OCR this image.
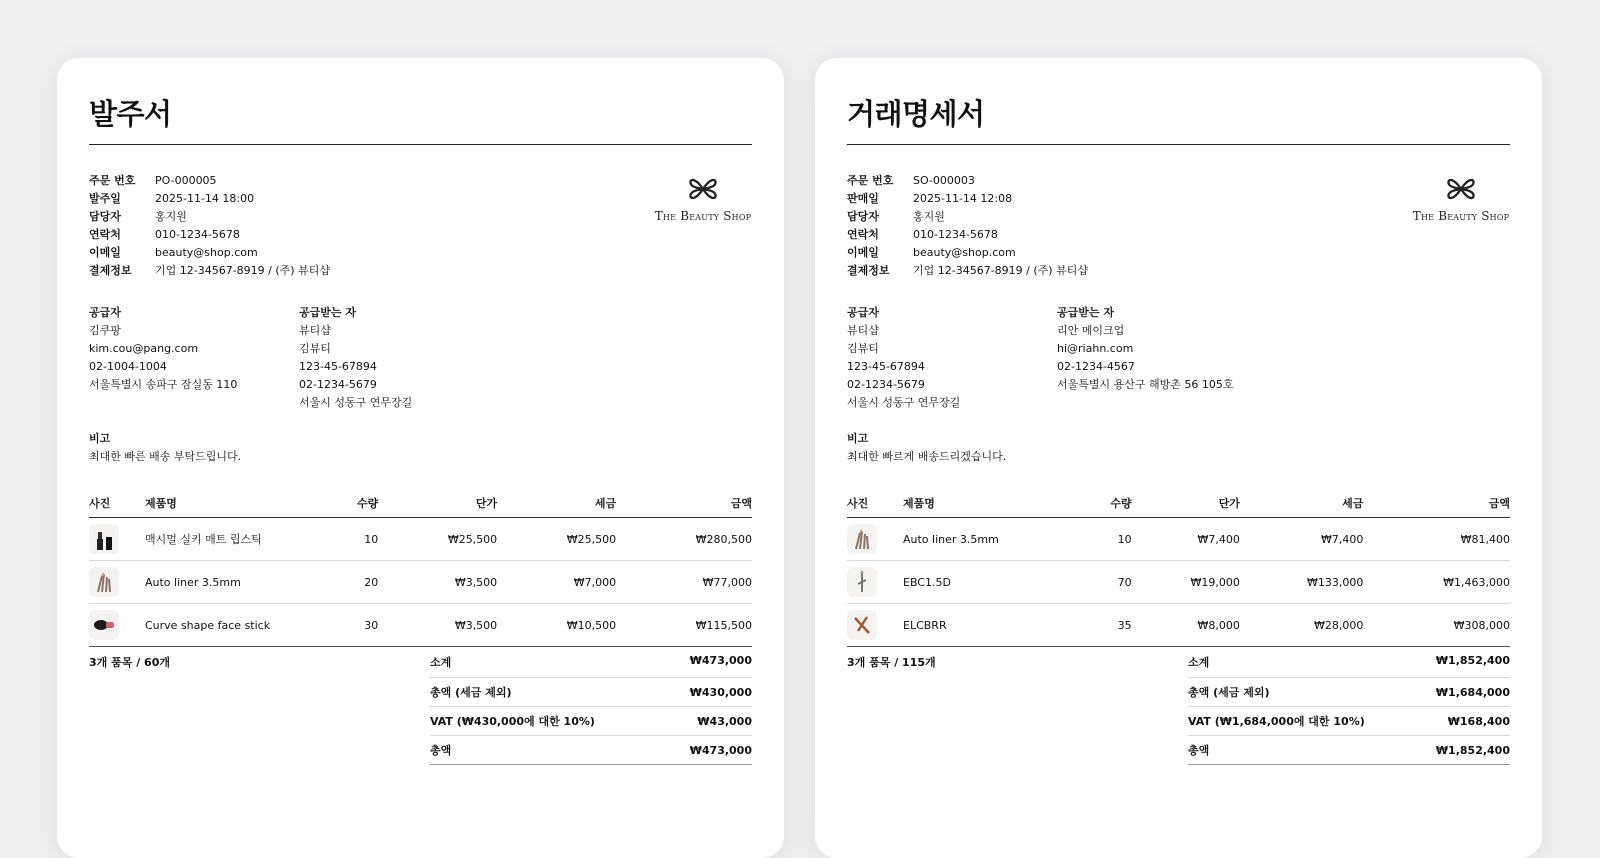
발주서
The Beauty Shop
주문 번호	PO-000005
발주일	2025-11-14 18:00
담당자	홍지원
연락처	010-1234-5678
이메일	beauty@shop.com
결제정보	기업 12-34567-8919 / (주) 뷰티샵
공급자
김쿠팡
kim.cou@pang.com
02-1004-1004
서울특별시 송파구 잠실동 110
공급받는 자
뷰티샵
김뷰티
123-45-67894
02-1234-5679
서울시 성동구 연무장길
비고
최대한 빠른 배송 부탁드립니다.
사진	제품명	수량	단가	세금	금액

	맥시멀 실키 매트 립스틱	10	₩25,500	₩25,500	₩280,500

	Auto liner 3.5mm	20	₩3,500	₩7,000	₩77,000

	Curve shape face stick	30	₩3,500	₩10,500	₩115,500
3개 품목 / 60개	소계	₩473,000
총액 (세금 제외)	₩430,000
VAT (₩430,000에 대한 10%)	₩43,000
총액	₩473,000
거래명세서
The Beauty Shop
주문 번호	SO-000003
판매일	2025-11-14 12:08
담당자	홍지원
연락처	010-1234-5678
이메일	beauty@shop.com
결제정보	기업 12-34567-8919 / (주) 뷰티샵
공급자
뷰티샵
김뷰티
123-45-67894
02-1234-5679
서울시 성동구 연무장길
공급받는 자
리안 메이크업
hi@riahn.com
02-1234-4567
서울특별시 용산구 해방촌 56 105호
비고
최대한 빠르게 배송드리겠습니다.
사진	제품명	수량	단가	세금	금액

	Auto liner 3.5mm	10	₩7,400	₩7,400	₩81,400

	EBC1.5D	70	₩19,000	₩133,000	₩1,463,000

	ELCBRR	35	₩8,000	₩28,000	₩308,000
3개 품목 / 115개	소계	₩1,852,400
총액 (세금 제외)	₩1,684,000
VAT (₩1,684,000에 대한 10%)	₩168,400
총액	₩1,852,400
